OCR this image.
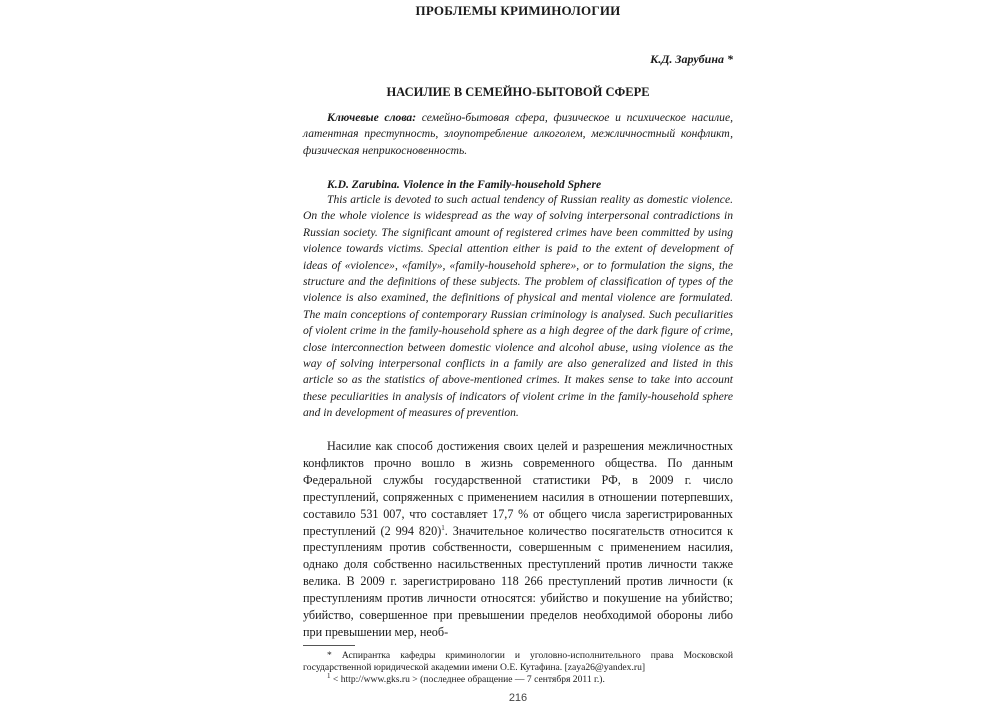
ПРОБЛЕМЫ КРИМИНОЛОГИИ
К.Д. Зарубина *
НАСИЛИЕ В СЕМЕЙНО-БЫТОВОЙ СФЕРЕ
Ключевые слова: семейно-бытовая сфера, физическое и психическое насилие, латентная преступность, злоупотребление алкоголем, межличностный конфликт, физическая неприкосновенность.
K.D. Zarubina. Violence in the Family-household Sphere
This article is devoted to such actual tendency of Russian reality as domestic violence. On the whole violence is widespread as the way of solving interpersonal contradictions in Russian society. The significant amount of registered crimes have been committed by using violence towards victims. Special attention either is paid to the extent of development of ideas of «violence», «family», «family-household sphere», or to formulation the signs, the structure and the definitions of these subjects. The problem of classification of types of the violence is also examined, the definitions of physical and mental violence are formulated. The main conceptions of contemporary Russian criminology is analysed. Such peculiarities of violent crime in the family-household sphere as a high degree of the dark figure of crime, close interconnection between domestic violence and alcohol abuse, using violence as the way of solving interpersonal conflicts in a family are also generalized and listed in this article so as the statistics of above-mentioned crimes. It makes sense to take into account these peculiarities in analysis of indicators of violent crime in the family-household sphere and in development of measures of prevention.
Насилие как способ достижения своих целей и разрешения межличностных конфликтов прочно вошло в жизнь современного общества. По данным Федеральной службы государственной статистики РФ, в 2009 г. число преступлений, сопряженных с применением насилия в отношении потерпевших, составило 531 007, что составляет 17,7 % от общего числа зарегистрированных преступлений (2 994 820)$^1$. Значительное количество посягательств относится к преступлениям против собственности, совершенным с применением насилия, однако доля собственно насильственных преступлений против личности также велика. В 2009 г. зарегистрировано 118 266 преступлений против личности (к преступлениям против личности относятся: убийство и покушение на убийство; убийство, совершенное при превышении пределов необходимой обороны либо при превышении мер, необ-

* Аспирантка кафедры криминологии и уголовно-исполнительного права Московской государственной юридической академии имени О.Е. Кутафина. [zaya26@yandex.ru]

$^1$ < http://www.gks.ru > (последнее обращение — 7 сентября 2011 г.).

216
